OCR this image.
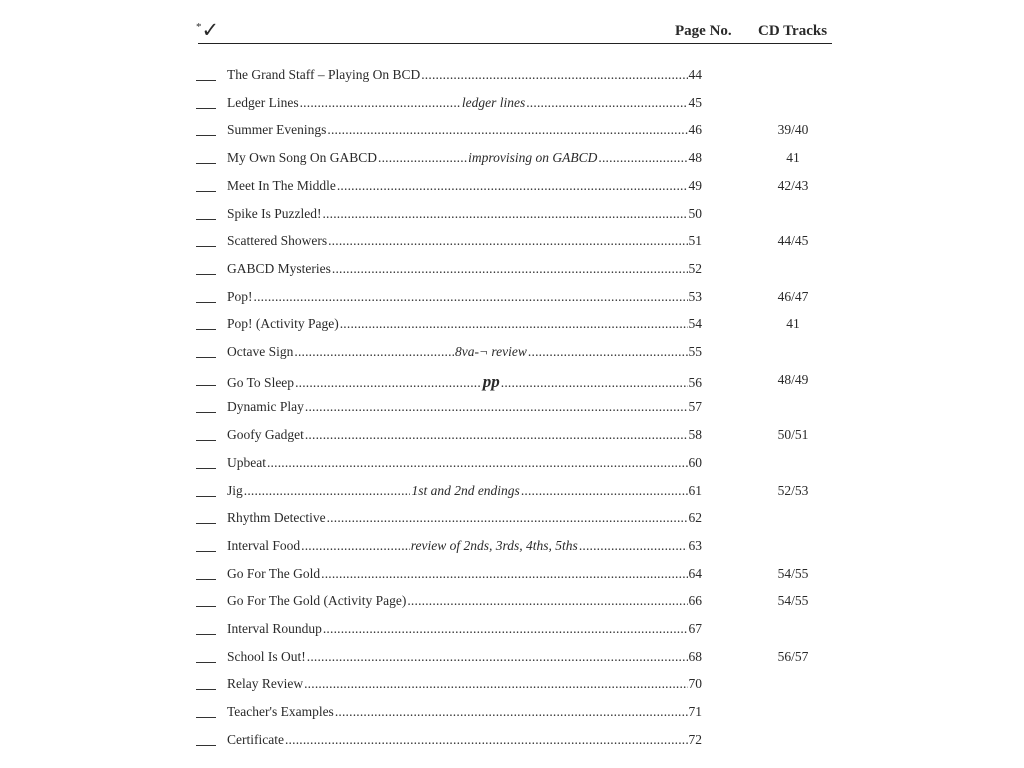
*✓	Page No. CD Tracks
The Grand Staff – Playing On BCD .....	44
Ledger Lines .....	ledger lines .....	45
Summer Evenings .....	46	39/40
My Own Song On GABCD .....	improvising on GABCD .....	48	41
Meet In The Middle .....	49	42/43
Spike Is Puzzled! .....	50
Scattered Showers .....	51	44/45
GABCD Mysteries .....	52
Pop! .....	53	46/47
Pop! (Activity Page) .....	54	41
Octave Sign .....	8va-¬ review .....	55
Go To Sleep .....	pp .....	56	48/49
Dynamic Play .....	57
Goofy Gadget .....	58	50/51
Upbeat .....	60
Jig .....	1st and 2nd endings .....	61	52/53
Rhythm Detective .....	62
Interval Food .....	review of 2nds, 3rds, 4ths, 5ths .....	63
Go For The Gold .....	64	54/55
Go For The Gold (Activity Page) .....	66	54/55
Interval Roundup .....	67
School Is Out! .....	68	56/57
Relay Review .....	70
Teacher's Examples .....	71
Certificate .....	72
